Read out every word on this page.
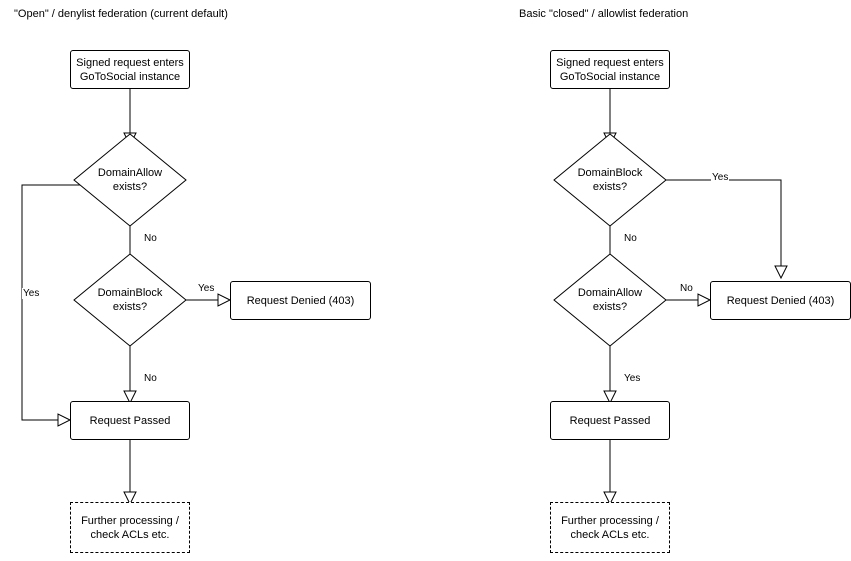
"Open" / denylist federation (current default)
Signed request enters
GoToSocial instance
DomainAllow
exists?
DomainBlock
exists?
Request Denied (403)
Request Passed
Further processing /
check ACLs etc.
Yes
No
Yes
No
Basic "closed" / allowlist federation
Signed request enters
GoToSocial instance
DomainBlock
exists?
DomainAllow
exists?
Request Denied (403)
Request Passed
Further processing /
check ACLs etc.
Yes
No
No
Yes
